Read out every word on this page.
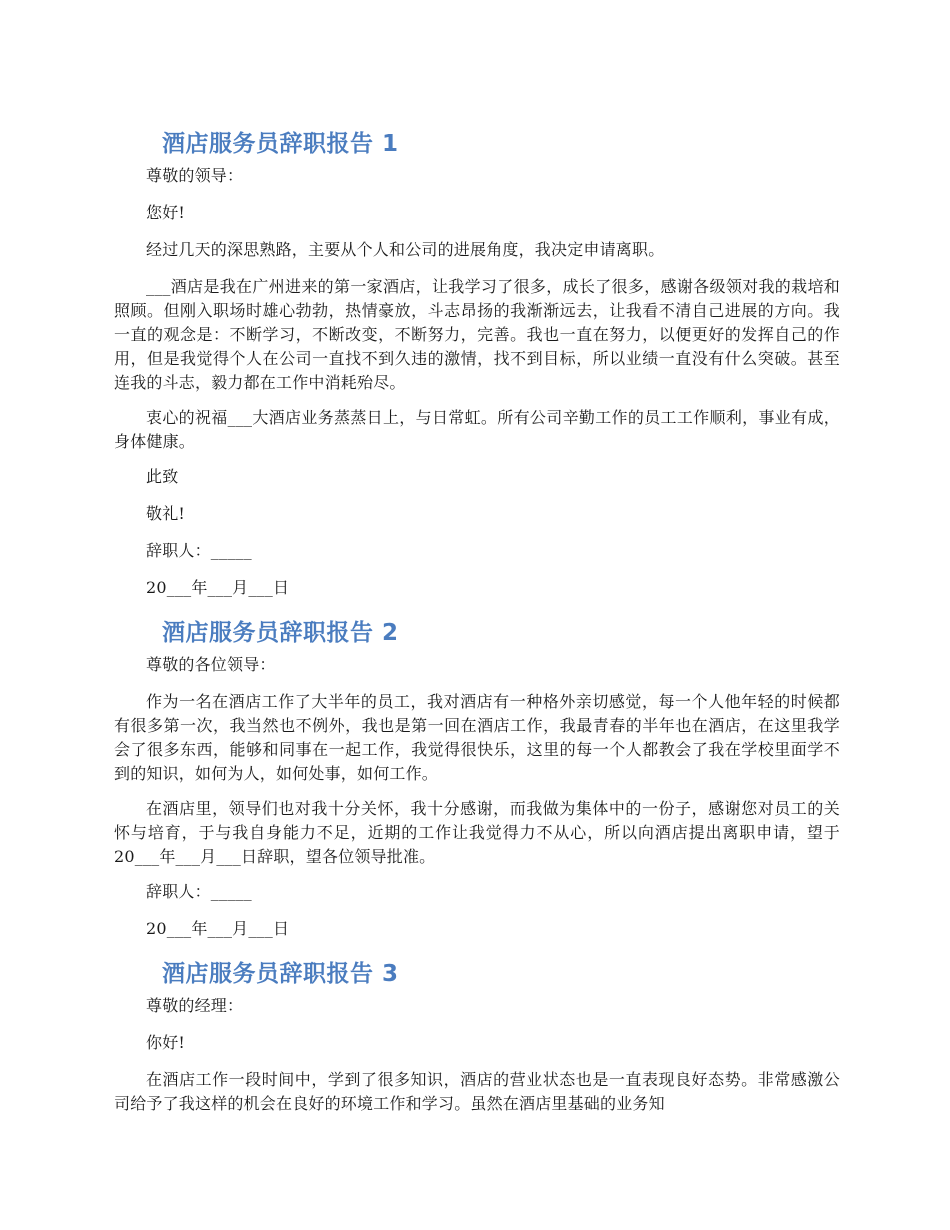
酒店服务员辞职报告 1

尊敬的领导：

您好!

经过几天的深思熟路，主要从个人和公司的进展角度，我决定申请离职。

___酒店是我在广州进来的第一家酒店，让我学习了很多，成长了很多，感谢各级领对我的栽培和照顾。但刚入职场时雄心勃勃，热情豪放，斗志昂扬的我渐渐远去，让我看不清自己进展的方向。我一直的观念是：不断学习，不断改变，不断努力，完善。我也一直在努力，以便更好的发挥自己的作用，但是我觉得个人在公司一直找不到久违的激情，找不到目标，所以业绩一直没有什么突破。甚至连我的斗志，毅力都在工作中消耗殆尽。

衷心的祝福___大酒店业务蒸蒸日上，与日常虹。所有公司辛勤工作的员工工作顺利，事业有成，身体健康。

此致

敬礼!

辞职人：_____

20___年___月___日

酒店服务员辞职报告 2

尊敬的各位领导：

作为一名在酒店工作了大半年的员工，我对酒店有一种格外亲切感觉，每一个人他年轻的时候都有很多第一次，我当然也不例外，我也是第一回在酒店工作，我最青春的半年也在酒店，在这里我学会了很多东西，能够和同事在一起工作，我觉得很快乐，这里的每一个人都教会了我在学校里面学不到的知识，如何为人，如何处事，如何工作。

在酒店里，领导们也对我十分关怀，我十分感谢，而我做为集体中的一份子，感谢您对员工的关怀与培育，于与我自身能力不足，近期的工作让我觉得力不从心，所以向酒店提出离职申请，望于 20___年___月___日辞职，望各位领导批准。

辞职人：_____

20___年___月___日

酒店服务员辞职报告 3

尊敬的经理：

你好!

在酒店工作一段时间中，学到了很多知识，酒店的营业状态也是一直表现良好态势。非常感激公司给予了我这样的机会在良好的环境工作和学习。虽然在酒店里基础的业务知
